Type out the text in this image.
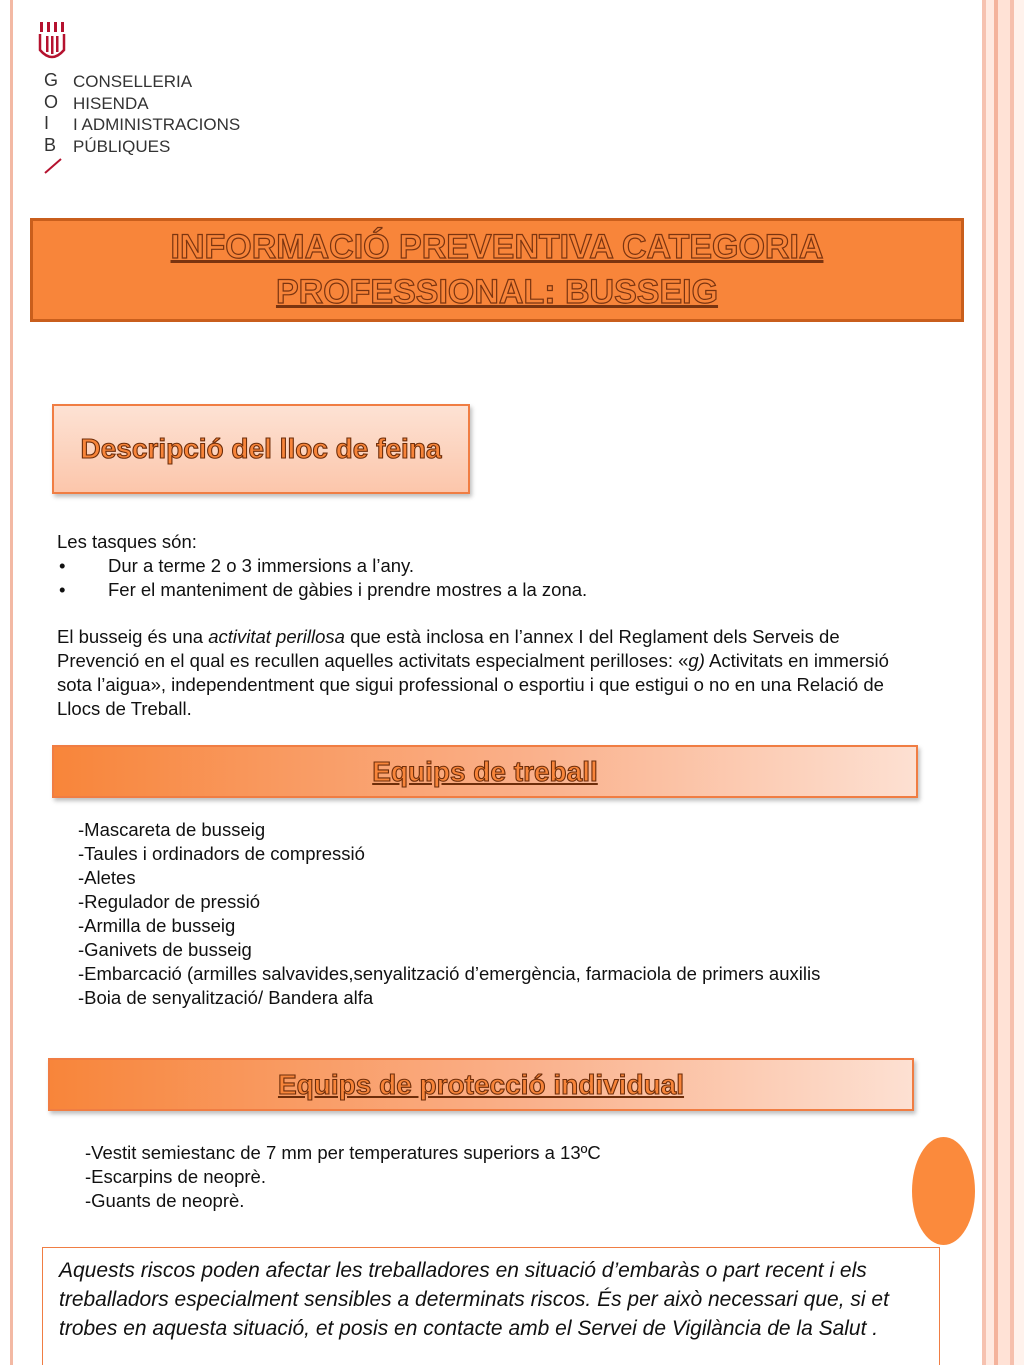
G
O
I
B
CONSELLERIA
HISENDA
I ADMINISTRACIONS
PÚBLIQUES
INFORMACIÓ PREVENTIVA CATEGORIA PROFESSIONAL: BUSSEIG
Descripció del lloc de feina
Les tasques són:
• Dur a terme 2 o 3 immersions a l’any.
• Fer el manteniment de gàbies i prendre mostres a la zona.
El busseig és una activitat perillosa que està inclosa en l’annex I del Reglament dels Serveis de Prevenció en el qual es recullen aquelles activitats especialment perilloses: «g) Activitats en immersió sota l’aigua», independentment que sigui professional o esportiu i que estigui o no en una Relació de Llocs de Treball.
Equips de treball
-Mascareta de busseig
-Taules i ordinadors de compressió
-Aletes
-Regulador de pressió
-Armilla de busseig
-Ganivets de busseig
-Embarcació (armilles salvavides,senyalització d’emergència, farmaciola de primers auxilis
-Boia de senyalització/ Bandera alfa
Equips de protecció individual
-Vestit semiestanc de 7 mm per temperatures superiors a 13ºC
-Escarpins de neoprè.
-Guants de neoprè.
Aquests riscos poden afectar les treballadores en situació d’embaràs o part recent i els treballadors especialment sensibles a determinats riscos. És per això necessari que, si et trobes en aquesta situació, et posis en contacte amb el Servei de Vigilància de la Salut .
